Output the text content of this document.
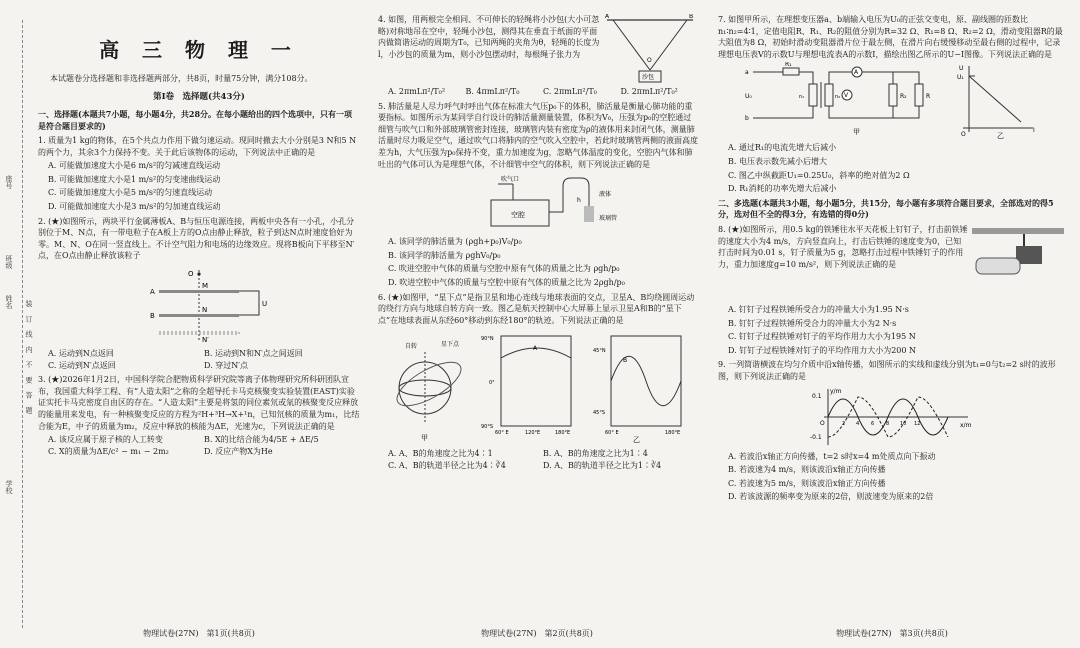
座号
班级
姓名
学校
装 订 线 内 不 要 答 题
高 三 物 理 一

本试题卷分选择题和非选择题两部分，共8页，时量75分钟，满分108分。

第Ⅰ卷　选择题(共43分)

一、选择题(本题共7小题，每小题4分，共28分。在每小题给出的四个选项中，只有一项是符合题目要求的)

1. 质量为1 kg的物体，在5个共点力作用下做匀速运动。现同时撤去大小分别是3 N和5 N的两个力，其余3个力保持不变。关于此后该物体的运动，下列说法中正确的是

A. 可能做加速度大小是6 m/s²的匀减速直线运动

B. 可能做加速度大小是1 m/s²的匀变速曲线运动

C. 可能做加速度大小是5 m/s²的匀速直线运动

D. 可能做加速度大小是3 m/s²的匀加速直线运动

2. (★)如图所示，两块平行金属薄板A、B与恒压电源连接，两板中央各有一小孔，小孔分别位于M、N点，有一带电粒子在A板上方的O点由静止释放，粒子到达N点时速度恰好为零。M、N、O在同一竖直线上。不计空气阻力和电场的边缘效应。现将B板向下平移至N′点，在O点由静止释放该粒子

O
A
M
B
N
N′
U
A. 运动到N点返回	B. 运动到N和N′点之间返回
C. 运动到N′点返回	D. 穿过N′点

3. (★)2026年1月2日，中国科学院合肥物质科学研究院等离子体物理研究所科研团队宣布，我国重大科学工程、有“人造太阳”之称的全超导托卡马克核聚变实验装置(EAST)实验证实托卡马克密度自由区的存在。“人造太阳”主要是将氢的同位素氘或氚的核聚变反应释放的能量用来发电，有一种核聚变反应的方程为²H+³H→X+¹n，已知氘核的质量为m₁，比结合能为E，中子的质量为m₂，反应中释放的核能为ΔE，光速为c，下列说法正确的是

A. 该反应属于原子核的人工转变	B. X的比结合能为4/5E + ΔE/5
C. X的质量为ΔE/c² − m₁ − 2m₂	D. 反应产物X为He
物理试卷(27N)　第1页(共8页)

4. 如图，用两根完全相同、不可伸长的轻绳将小沙包(大小可忽略)对称地吊在空中，轻绳小沙包，测得其在垂直于纸面的平面内做简谐运动的周期为T₀，已知两绳的夹角为θ，轻绳的长度为l，小沙包的质量为m，则小沙包摆动时，每根绳子张力为

A	B
O
沙包
A. 2πmLπ²/T₀²	B. 4πmLπ²/T₀	C. 2πmLπ²/T₀	D. 2πmLπ²/T₀²

5. 肺活量是人尽力呼气时呼出气体在标准大气压p₀下的体积，肺活量是衡量心肺功能的重要指标。如图所示为某同学自行设计的肺活量测量装置，体积为V₀，压强为p₀的空腔通过细管与吹气口和外部玻璃管密封连接，玻璃管内装有密度为ρ的液体用来封闭气体，测量肺活量时尽力吸足空气，通过吹气口将肺内的空气吹入空腔中，若此时玻璃管两侧的液面高度差为h，大气压强为p₀保持不变，重力加速度为g，忽略气体温度的变化，空腔内气体和肺吐出的气体可认为是理想气体，不计细管中空气的体积，则下列说法正确的是

吹气口
空腔
h
液体
玻璃管

A. 该同学的肺活量为 (ρgh+p₀)V₀/p₀

B. 该同学的肺活量为 ρghV₀/p₀

C. 吹进空腔中气体的质量与空腔中原有气体的质量之比为 ρgh/p₀

D. 吹进空腔中气体的质量与空腔中原有气体的质量之比为 2ρgh/p₀

6. (★)如图甲，“星下点”是指卫星和地心连线与地球表面的交点，卫星A、B均绕圆周运动的绕行方向与地球自转方向一致。图乙是航天控制中心大屏幕上显示卫星A和B的“星下点”在地球表面从东经60°移动到东经180°的轨迹。下列说法正确的是

自转	星下点
甲
A
90°N
0°
90°S
60° E	120°E	180°E
B
45°N
45°S
60° E	180°E
乙
A. A、B的角速度之比为4∶1	B. A、B的角速度之比为1∶4
C. A、B的轨道半径之比为4∶∛4	D. A、B的轨道半径之比为1∶∛4
物理试卷(27N)　第2页(共8页)

7. 如图甲所示，在理想变压器a、b端输入电压为U₀的正弦交变电，原、副线圈的匝数比n₁∶n₂=4∶1，定值电阻R、R₁、R₂的阻值分别为R=32 Ω、R₁=8 Ω、R₂=2 Ω，滑动变阻器R的最大阻值为8 Ω，初始时滑动变阻器滑片位于最左侧，在滑片向右缓慢移动至最右侧的过程中，记录理想电压表V的示数U与理想电流表A的示数I，描绘出图乙所示的U−I图像。下列说法正确的是

a
b
U₀
R₁
n₁	n₂
A
V	R₂	R
甲
U
U₁
O
I
乙

A. 通过R₁的电流先增大后减小

B. 电压表示数先减小后增大

C. 图乙中纵截距U₁=0.25U₀，斜率的绝对值为2 Ω

D. R₁消耗的功率先增大后减小

二、多选题(本题共3小题，每小题5分，共15分，每小题有多项符合题目要求，全部选对的得5分，选对但不全的得3分，有选错的得0分)

8. (★)如图所示，用0.5 kg的铁锤往水平天花板上钉钉子，打击前铁锤的速度大小为4 m/s，方向竖直向上，打击后铁锤的速度变为0，已知打击时间为0.01 s，钉子质量为5 g，忽略打击过程中铁锤钉子的作用力，重力加速度g=10 m/s²，则下列说法正确的是

A. 钉钉子过程铁锤所受合力的冲量大小为1.95 N·s

B. 钉钉子过程铁锤所受合力的冲量大小为2 N·s

C. 钉钉子过程铁锤对钉子的平均作用力大小为195 N

D. 钉钉子过程铁锤对钉子的平均作用力大小为200 N

9. 一列简谐横波在均匀介质中沿x轴传播，如图所示的实线和虚线分别为t₁=0与t₂=2 s时的波形图，则下列说法正确的是

y/m
x/m
0.1
-0.1
O	2 4 6 8 10 12

A. 若波沿x轴正方向传播，t=2 s时x=4 m处质点向下振动

B. 若波速为4 m/s，则该波沿x轴正方向传播

C. 若波速为5 m/s，则该波沿x轴正方向传播

D. 若该波源的频率变为原来的2倍，则波速变为原来的2倍

物理试卷(27N)　第3页(共8页)
